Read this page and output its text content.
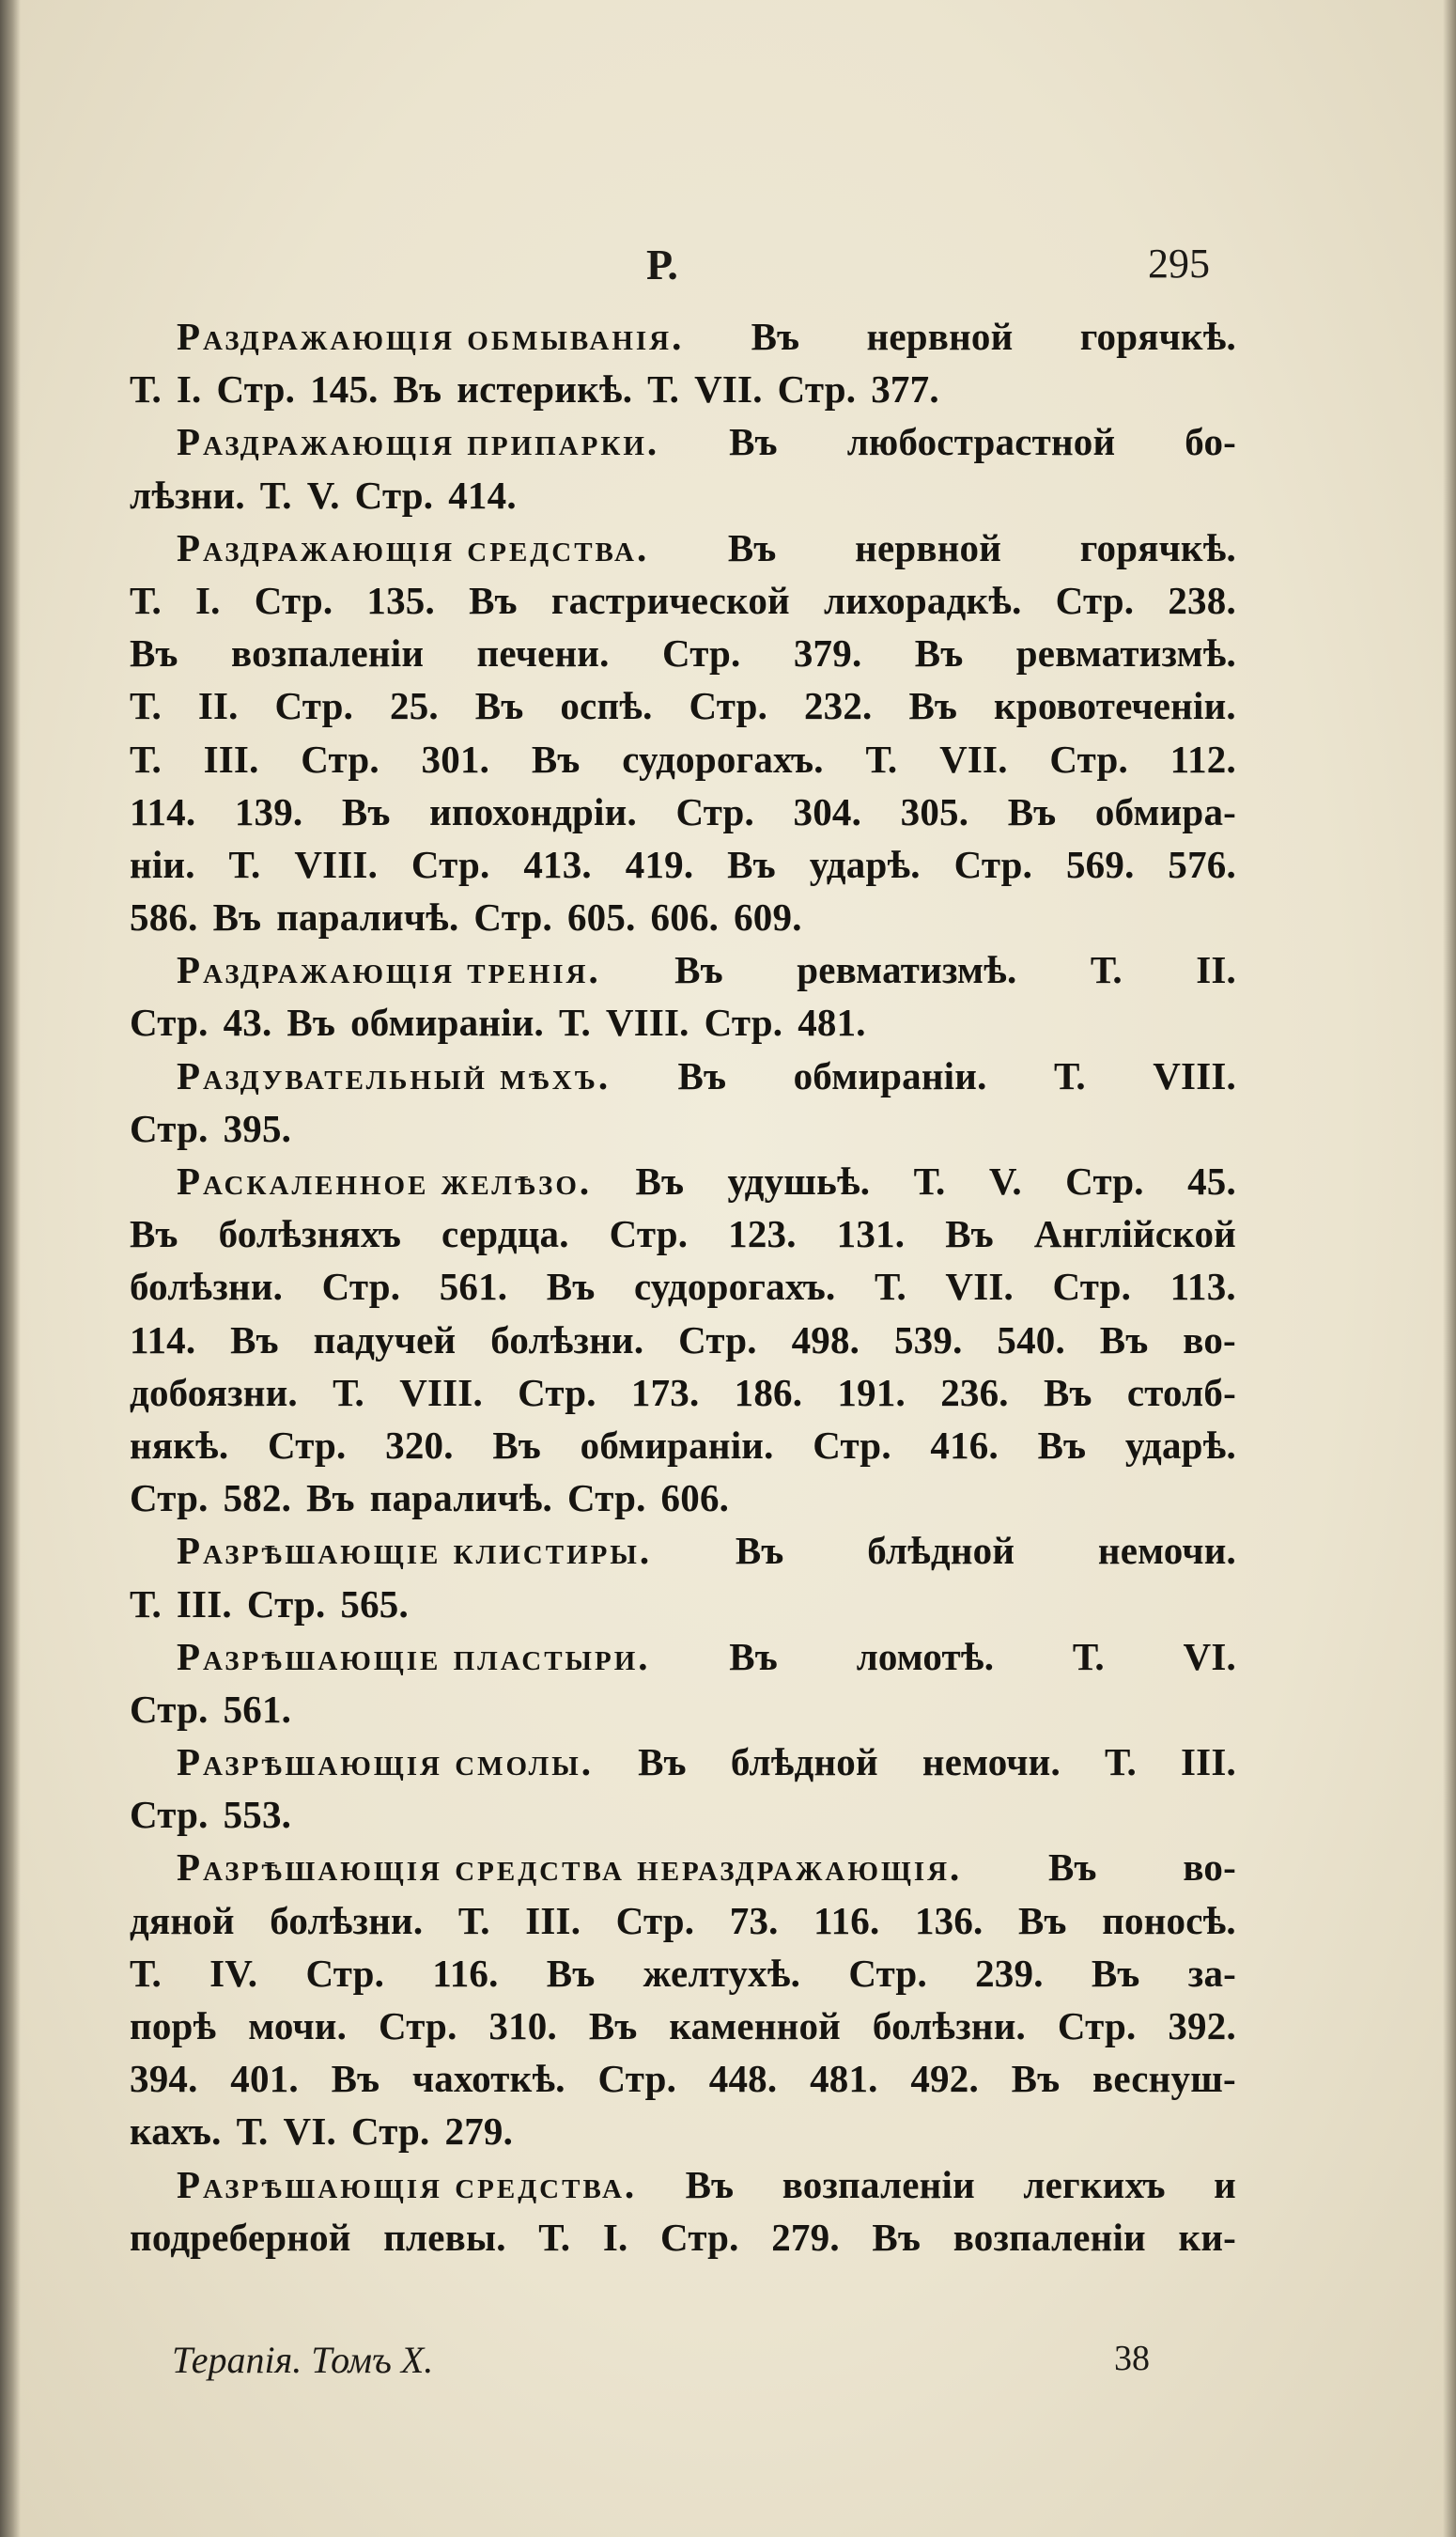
Р.	295
Раздражающія обмыванія. Въ нервной горячкѣ.
Т. I. Стр. 145. Въ истерикѣ. Т. VII. Стр. 377.
Раздражающія припарки. Въ любострастной бо-
лѣзни. Т. V. Стр. 414.
Раздражающія средства. Въ нервной горячкѣ.
Т. I. Стр. 135. Въ гастрической лихорадкѣ. Стр. 238.
Въ возпаленіи печени. Стр. 379. Въ ревматизмѣ.
Т. II. Стр. 25. Въ оспѣ. Стр. 232. Въ кровотеченіи.
Т. III. Стр. 301. Въ судорогахъ. Т. VII. Стр. 112.
114. 139. Въ ипохондріи. Стр. 304. 305. Въ обмира-
ніи. Т. VIII. Стр. 413. 419. Въ ударѣ. Стр. 569. 576.
586. Въ параличѣ. Стр. 605. 606. 609.
Раздражающія тренія. Въ ревматизмѣ. Т. II.
Стр. 43. Въ обмираніи. Т. VIII. Стр. 481.
Раздувательный мѣхъ. Въ обмираніи. Т. VIII.
Стр. 395.
Раскаленное желѣзо. Въ удушьѣ. Т. V. Стр. 45.
Въ болѣзняхъ сердца. Стр. 123. 131. Въ Англійской
болѣзни. Стр. 561. Въ судорогахъ. Т. VII. Стр. 113.
114. Въ падучей болѣзни. Стр. 498. 539. 540. Въ во-
добоязни. Т. VIII. Стр. 173. 186. 191. 236. Въ столб-
някѣ. Стр. 320. Въ обмираніи. Стр. 416. Въ ударѣ.
Стр. 582. Въ параличѣ. Стр. 606.
Разрѣшающіе клистиры. Въ блѣдной немочи.
Т. III. Стр. 565.
Разрѣшающіе пластыри. Въ ломотѣ. Т. VI.
Стр. 561.
Разрѣшающія смолы. Въ блѣдной немочи. Т. III.
Стр. 553.
Разрѣшающія средства нераздражающія. Въ во-
дяной болѣзни. Т. III. Стр. 73. 116. 136. Въ поносѣ.
Т. IV. Стр. 116. Въ желтухѣ. Стр. 239. Въ за-
порѣ мочи. Стр. 310. Въ каменной болѣзни. Стр. 392.
394. 401. Въ чахоткѣ. Стр. 448. 481. 492. Въ веснуш-
кахъ. Т. VI. Стр. 279.
Разрѣшающія средства. Въ возпаленіи легкихъ и
подреберной плевы. Т. I. Стр. 279. Въ возпаленіи ки-
Терапія. Томъ X.	38
